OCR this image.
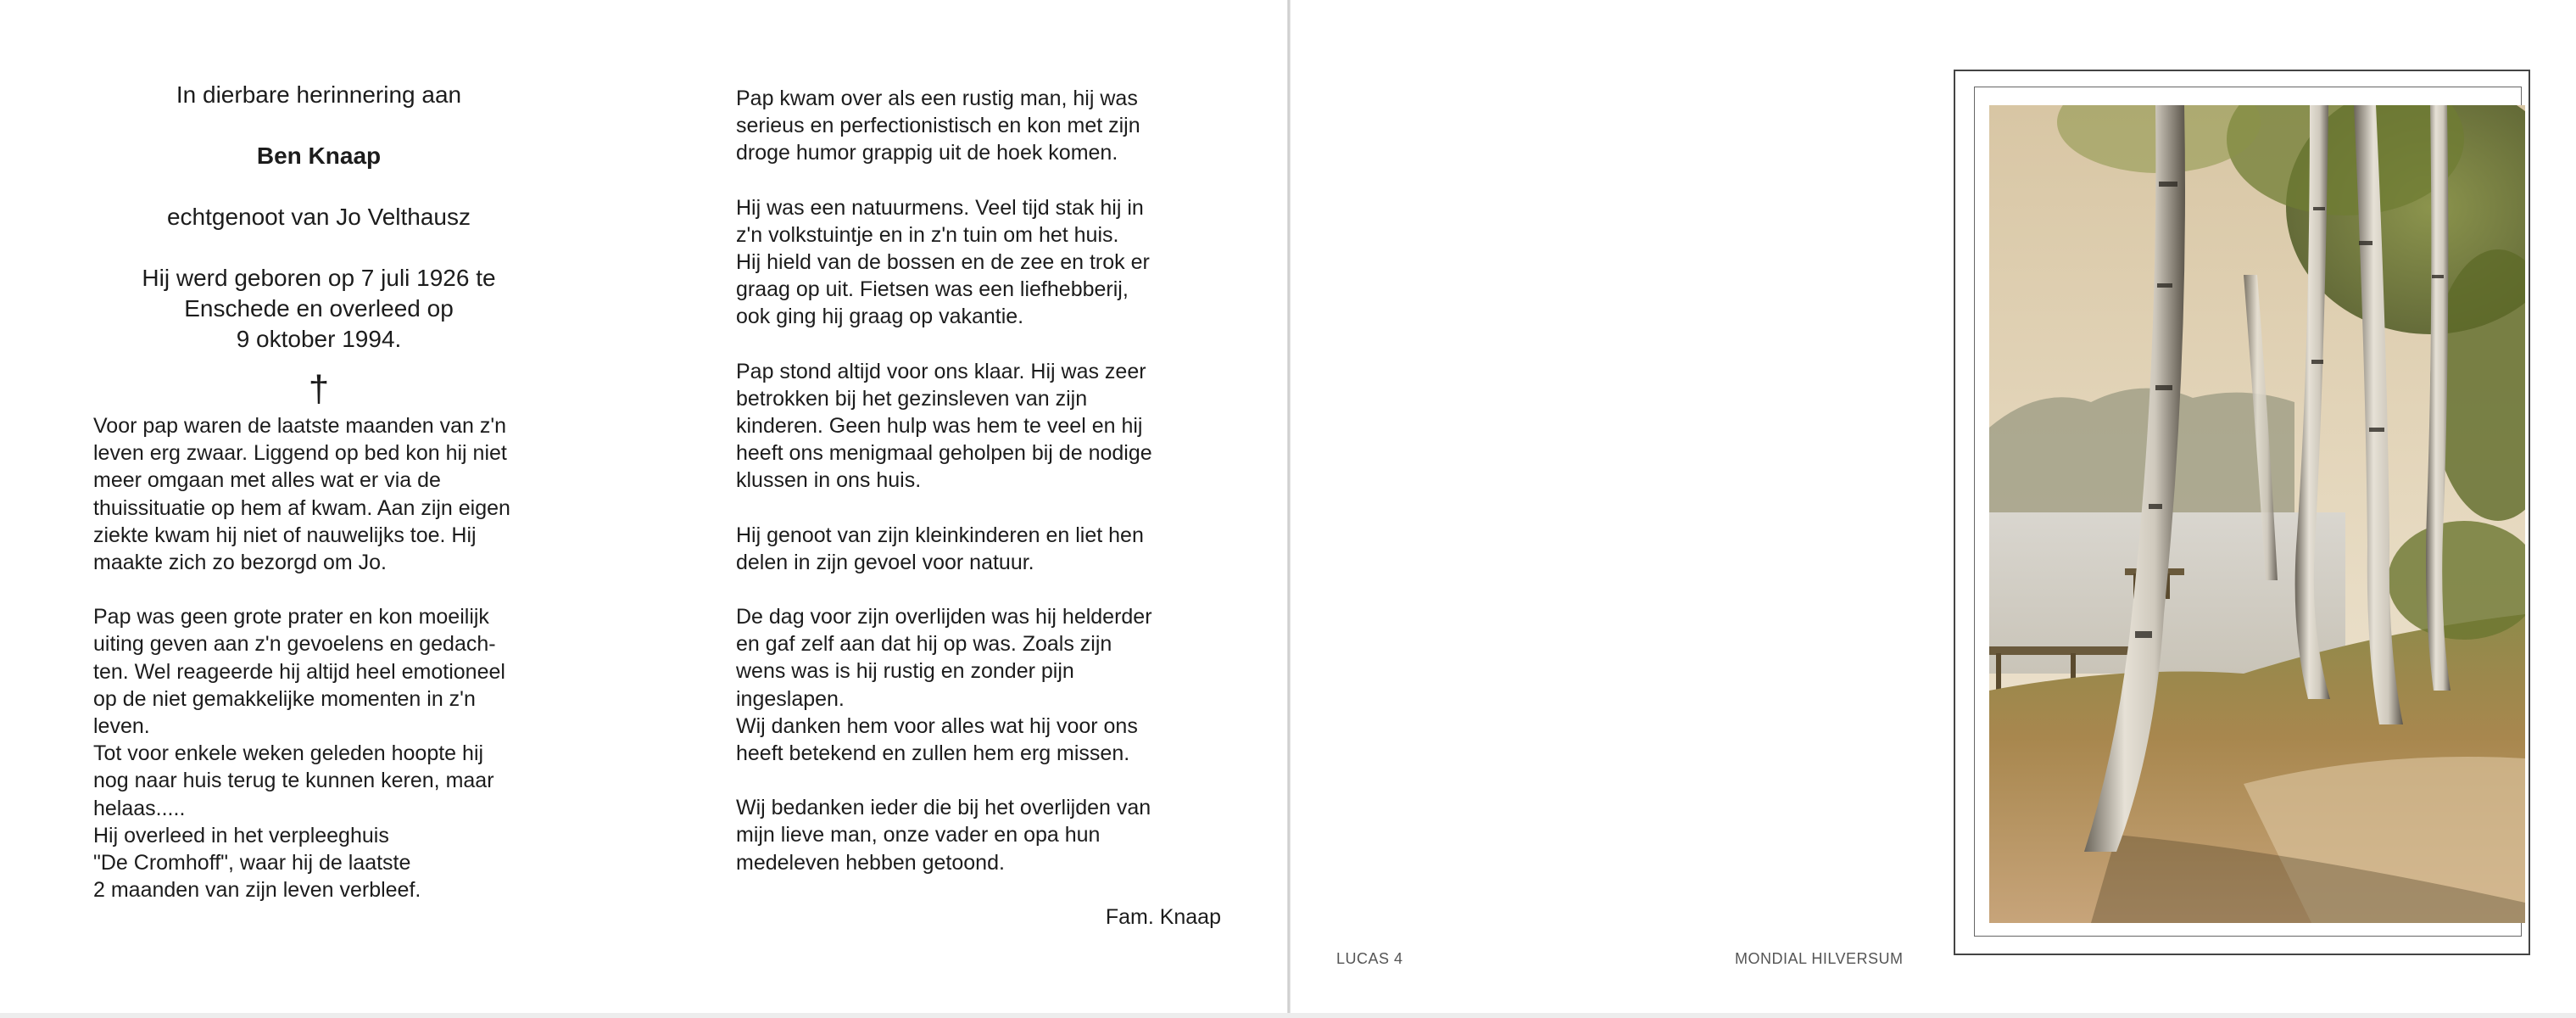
In dierbare herinnering aan

Ben Knaap

echtgenoot van Jo Velthausz

Hij werd geboren op 7 juli 1926 te

Enschede en overleed op

9 oktober 1994.

†
Voor pap waren de laatste maanden van z'n
leven erg zwaar. Liggend op bed kon hij niet
meer omgaan met alles wat er via de
thuissituatie op hem af kwam. Aan zijn eigen
ziekte kwam hij niet of nauwelijks toe. Hij
maakte zich zo bezorgd om Jo.
Pap was geen grote prater en kon moeilijk
uiting geven aan z'n gevoelens en gedach-
ten. Wel reageerde hij altijd heel emotioneel
op de niet gemakkelijke momenten in z'n
leven.
Tot voor enkele weken geleden hoopte hij
nog naar huis terug te kunnen keren, maar
helaas.....
Hij overleed in het verpleeghuis
"De Cromhoff", waar hij de laatste
2 maanden van zijn leven verbleef.
Pap kwam over als een rustig man, hij was
serieus en perfectionistisch en kon met zijn
droge humor grappig uit de hoek komen.
Hij was een natuurmens. Veel tijd stak hij in
z'n volkstuintje en in z'n tuin om het huis.
Hij hield van de bossen en de zee en trok er
graag op uit. Fietsen was een liefhebberij,
ook ging hij graag op vakantie.
Pap stond altijd voor ons klaar. Hij was zeer
betrokken bij het gezinsleven van zijn
kinderen. Geen hulp was hem te veel en hij
heeft ons menigmaal geholpen bij de nodige
klussen in ons huis.
Hij genoot van zijn kleinkinderen en liet hen
delen in zijn gevoel voor natuur.
De dag voor zijn overlijden was hij helderder
en gaf zelf aan dat hij op was. Zoals zijn
wens was is hij rustig en zonder pijn
ingeslapen.
Wij danken hem voor alles wat hij voor ons
heeft betekend en zullen hem erg missen.
Wij bedanken ieder die bij het overlijden van
mijn lieve man, onze vader en opa hun
medeleven hebben getoond.
Fam. Knaap
LUCAS 4	MONDIAL HILVERSUM
